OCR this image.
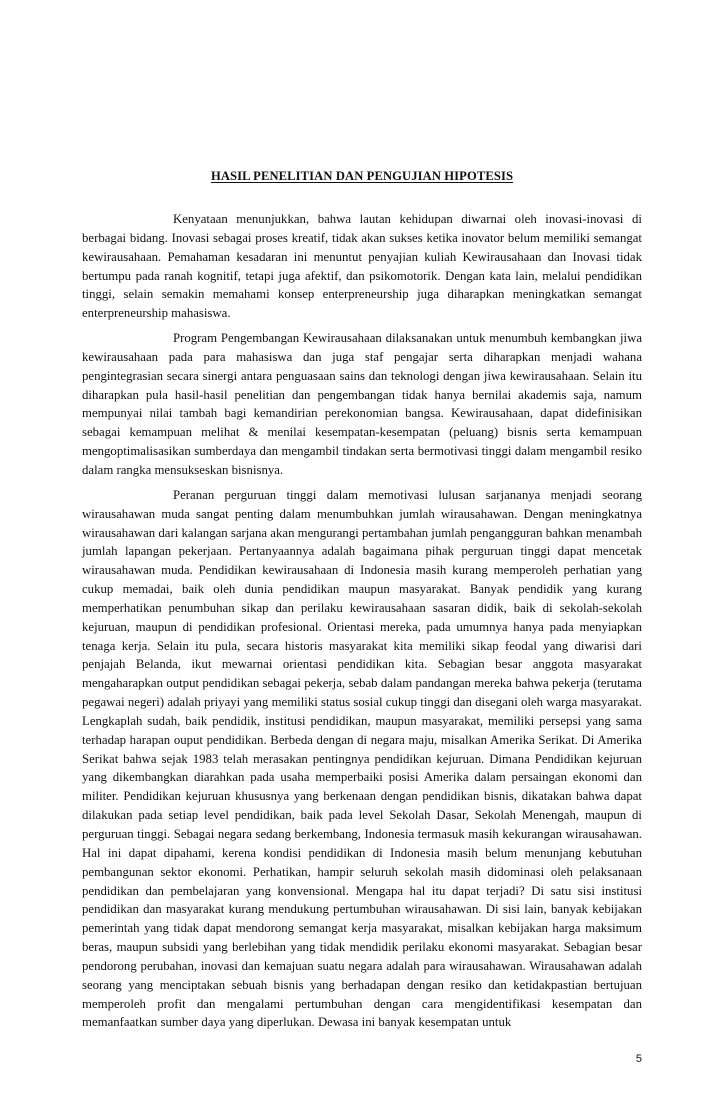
HASIL PENELITIAN DAN PENGUJIAN HIPOTESIS

Kenyataan menunjukkan, bahwa lautan kehidupan diwarnai oleh inovasi-inovasi di berbagai bidang. Inovasi sebagai proses kreatif, tidak akan sukses ketika inovator belum memiliki semangat kewirausahaan. Pemahaman kesadaran ini menuntut penyajian kuliah Kewirausahaan dan Inovasi tidak bertumpu pada ranah kognitif, tetapi juga afektif, dan psikomotorik. Dengan kata lain, melalui pendidikan tinggi, selain semakin memahami konsep enterpreneurship juga diharapkan meningkatkan semangat enterpreneurship mahasiswa.

Program Pengembangan Kewirausahaan dilaksanakan untuk menumbuh kembangkan jiwa kewirausahaan pada para mahasiswa dan juga staf pengajar serta diharapkan menjadi wahana pengintegrasian secara sinergi antara penguasaan sains dan teknologi dengan jiwa kewirausahaan. Selain itu diharapkan pula hasil-hasil penelitian dan pengembangan tidak hanya bernilai akademis saja, namum mempunyai nilai tambah bagi kemandirian perekonomian bangsa. Kewirausahaan, dapat didefinisikan sebagai kemampuan melihat & menilai kesempatan-kesempatan (peluang) bisnis serta kemampuan mengoptimalisasikan sumberdaya dan mengambil tindakan serta bermotivasi tinggi dalam mengambil resiko dalam rangka mensukseskan bisnisnya.

Peranan perguruan tinggi dalam memotivasi lulusan sarjananya menjadi seorang wirausahawan muda sangat penting dalam menumbuhkan jumlah wirausahawan. Dengan meningkatnya wirausahawan dari kalangan sarjana akan mengurangi pertambahan jumlah pengangguran bahkan menambah jumlah lapangan pekerjaan. Pertanyaannya adalah bagaimana pihak perguruan tinggi dapat mencetak wirausahawan muda. Pendidikan kewirausahaan di Indonesia masih kurang memperoleh perhatian yang cukup memadai, baik oleh dunia pendidikan maupun masyarakat. Banyak pendidik yang kurang memperhatikan penumbuhan sikap dan perilaku kewirausahaan sasaran didik, baik di sekolah-sekolah kejuruan, maupun di pendidikan profesional. Orientasi mereka, pada umumnya hanya pada menyiapkan tenaga kerja. Selain itu pula, secara historis masyarakat kita memiliki sikap feodal yang diwarisi dari penjajah Belanda, ikut mewarnai orientasi pendidikan kita. Sebagian besar anggota masyarakat mengaharapkan output pendidikan sebagai pekerja, sebab dalam pandangan mereka bahwa pekerja (terutama pegawai negeri) adalah priyayi yang memiliki status sosial cukup tinggi dan disegani oleh warga masyarakat. Lengkaplah sudah, baik pendidik, institusi pendidikan, maupun masyarakat, memiliki persepsi yang sama terhadap harapan ouput pendidikan. Berbeda dengan di negara maju, misalkan Amerika Serikat. Di Amerika Serikat bahwa sejak 1983 telah merasakan pentingnya pendidikan kejuruan. Dimana Pendidikan kejuruan yang dikembangkan diarahkan pada usaha memperbaiki posisi Amerika dalam persaingan ekonomi dan militer. Pendidikan kejuruan khususnya yang berkenaan dengan pendidikan bisnis, dikatakan bahwa dapat dilakukan pada setiap level pendidikan, baik pada level Sekolah Dasar, Sekolah Menengah, maupun di perguruan tinggi. Sebagai negara sedang berkembang, Indonesia termasuk masih kekurangan wirausahawan. Hal ini dapat dipahami, kerena kondisi pendidikan di Indonesia masih belum menunjang kebutuhan pembangunan sektor ekonomi. Perhatikan, hampir seluruh sekolah masih didominasi oleh pelaksanaan pendidikan dan pembelajaran yang konvensional. Mengapa hal itu dapat terjadi? Di satu sisi institusi pendidikan dan masyarakat kurang mendukung pertumbuhan wirausahawan. Di sisi lain, banyak kebijakan pemerintah yang tidak dapat mendorong semangat kerja masyarakat, misalkan kebijakan harga maksimum beras, maupun subsidi yang berlebihan yang tidak mendidik perilaku ekonomi masyarakat. Sebagian besar pendorong perubahan, inovasi dan kemajuan suatu negara adalah para wirausahawan. Wirausahawan adalah seorang yang menciptakan sebuah bisnis yang berhadapan dengan resiko dan ketidakpastian bertujuan memperoleh profit dan mengalami pertumbuhan dengan cara mengidentifikasi kesempatan dan memanfaatkan sumber daya yang diperlukan. Dewasa ini banyak kesempatan untuk

5
